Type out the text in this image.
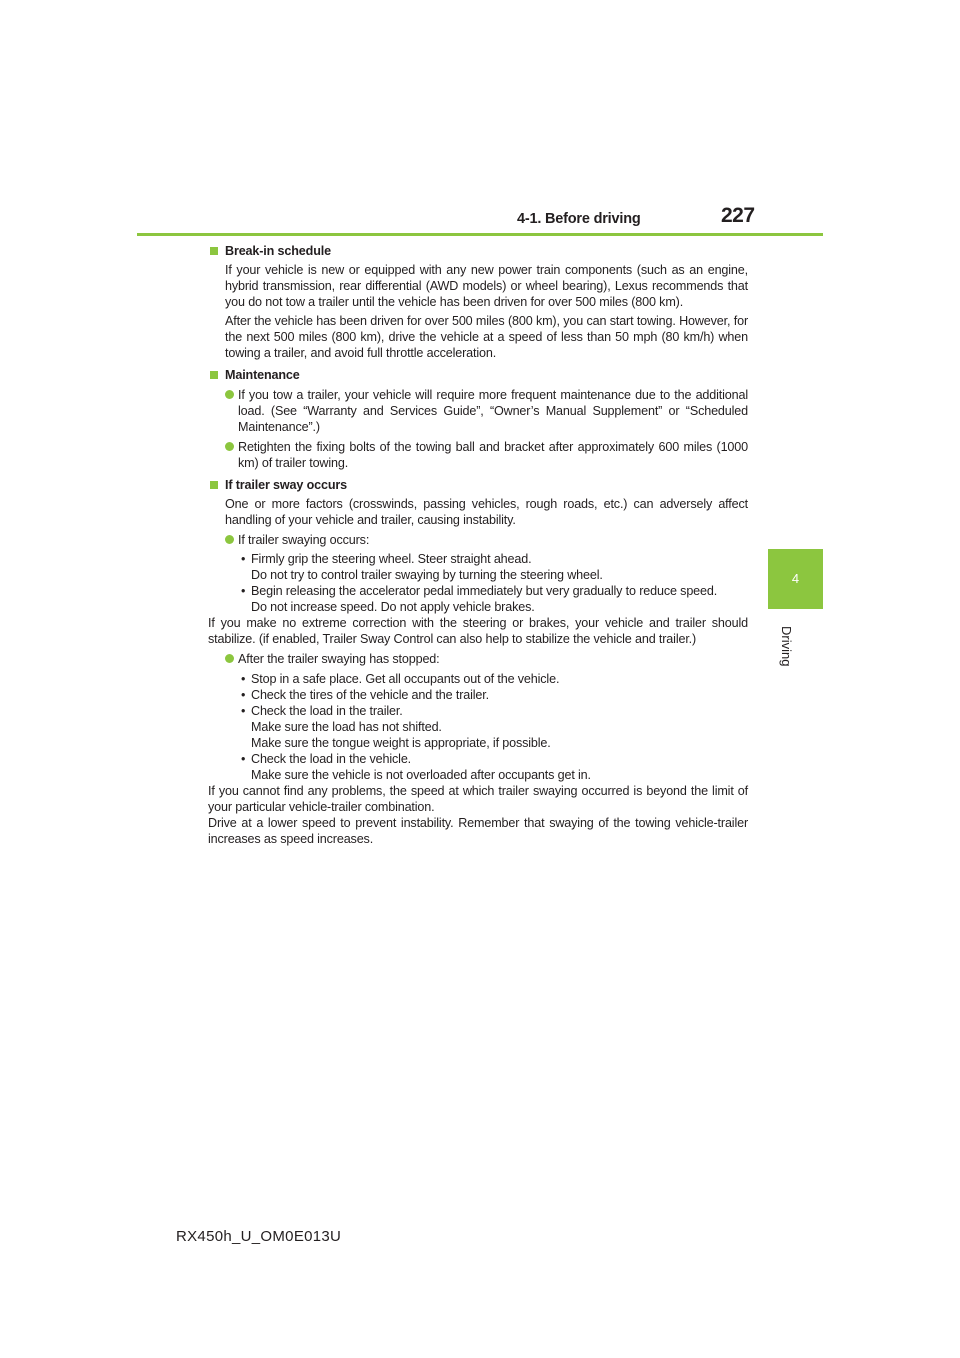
4-1. Before driving	227
4
Driving
Break-in schedule
If your vehicle is new or equipped with any new power train components (such as an engine, hybrid transmission, rear differential (AWD models) or wheel bearing), Lexus recommends that you do not tow a trailer until the vehicle has been driven for over 500 miles (800 km).
After the vehicle has been driven for over 500 miles (800 km), you can start towing. However, for the next 500 miles (800 km), drive the vehicle at a speed of less than 50 mph (80 km/h) when towing a trailer, and avoid full throttle acceleration.
Maintenance
If you tow a trailer, your vehicle will require more frequent maintenance due to the additional load. (See “Warranty and Services Guide”, “Owner’s Manual Supplement” or “Scheduled Maintenance”.)
Retighten the fixing bolts of the towing ball and bracket after approximately 600 miles (1000 km) of trailer towing.
If trailer sway occurs
One or more factors (crosswinds, passing vehicles, rough roads, etc.) can adversely affect handling of your vehicle and trailer, causing instability.
If trailer swaying occurs:
• Firmly grip the steering wheel. Steer straight ahead.
Do not try to control trailer swaying by turning the steering wheel.
• Begin releasing the accelerator pedal immediately but very gradually to reduce speed.
Do not increase speed. Do not apply vehicle brakes.
If you make no extreme correction with the steering or brakes, your vehicle and trailer should stabilize. (if enabled, Trailer Sway Control can also help to stabilize the vehicle and trailer.)
After the trailer swaying has stopped:
• Stop in a safe place. Get all occupants out of the vehicle.
• Check the tires of the vehicle and the trailer.
• Check the load in the trailer.
Make sure the load has not shifted.
Make sure the tongue weight is appropriate, if possible.
• Check the load in the vehicle.
Make sure the vehicle is not overloaded after occupants get in.
If you cannot find any problems, the speed at which trailer swaying occurred is beyond the limit of your particular vehicle-trailer combination.
Drive at a lower speed to prevent instability. Remember that swaying of the towing vehicle-trailer increases as speed increases.
RX450h_U_OM0E013U
